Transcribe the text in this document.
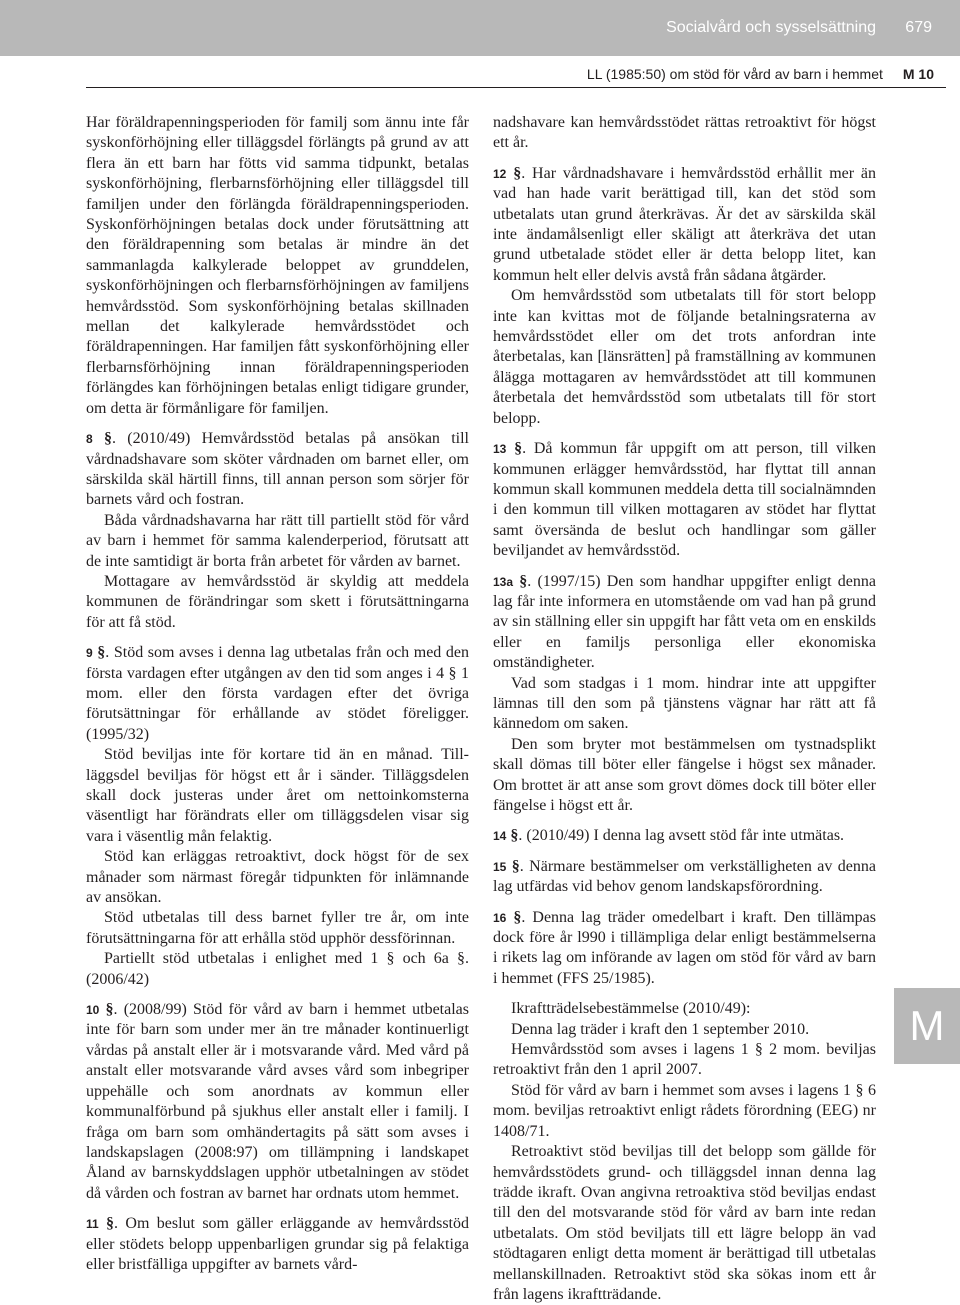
Socialvård och sysselsättning 679
LL (1985:50) om stöd för vård av barn i hemmet M 10

Har föräldrapenningsperioden för familj som ännu inte får syskonförhöjning eller tilläggsdel förlängts på grund av att flera än ett barn har fötts vid samma tidpunkt, betalas syskonförhöjning, flerbarnsförhöjning eller tilläggsdel till familjen under den förlängda föräldrapenningsperioden. Syskonförhöjningen betalas dock under förutsättning att den föräldrapenning som betalas är mindre än det sammanlagda kalkylerade beloppet av grunddelen, syskonförhöjningen och flerbarnsförhöjningen av familjens hemvårdsstöd. Som syskonförhöjning betalas skillnaden mellan det kalkylerade hemvårdsstödet och föräldrapenningen. Har familjen fått syskonförhöjning eller flerbarnsförhöjning innan föräldrapenningsperioden förlängdes kan förhöjningen betalas enligt tidigare grunder, om detta är förmånligare för familjen.

8 §. (2010/49) Hemvårdsstöd betalas på ansökan till vårdnadshavare som sköter vårdnaden om barnet eller, om särskilda skäl härtill finns, till annan person som sörjer för barnets vård och fostran.

Båda vårdnadshavarna har rätt till partiellt stöd för vård av barn i hemmet för samma kalenderperiod, förutsatt att de inte samtidigt är borta från arbetet för vården av barnet.

Mottagare av hemvårdsstöd är skyldig att meddela kommunen de förändringar som skett i förutsättningarna för att få stöd.

9 §. Stöd som avses i denna lag utbetalas från och med den första vardagen efter utgången av den tid som anges i 4 § 1 mom. eller den första vardagen efter det övriga förutsättningar för erhållande av stödet föreligger. (1995/32)

Stöd beviljas inte för kortare tid än en månad. Tillläggsdel beviljas för högst ett år i sänder. Tilläggsdelen skall dock justeras under året om nettoinkomsterna väsentligt har förändrats eller om tilläggsdelen visar sig vara i väsentlig mån felaktig.

Stöd kan erläggas retroaktivt, dock högst för de sex månader som närmast föregår tidpunkten för inlämnande av ansökan.

Stöd utbetalas till dess barnet fyller tre år, om inte förutsättningarna för att erhålla stöd upphör dessförinnan.

Partiellt stöd utbetalas i enlighet med 1 § och 6a §. (2006/42)

10 §. (2008/99) Stöd för vård av barn i hemmet utbetalas inte för barn som under mer än tre månader kontinuerligt vårdas på anstalt eller är i motsvarande vård. Med vård på anstalt eller motsvarande vård avses vård som inbegriper uppehälle och som anordnats av kommun eller kommunalförbund på sjukhus eller anstalt eller i familj. I fråga om barn som omhändertagits på sätt som avses i landskapslagen (2008:97) om tillämpning i landskapet Åland av barnskyddslagen upphör utbetalningen av stödet då vården och fostran av barnet har ordnats utom hemmet.

11 §. Om beslut som gäller erläggande av hemvårdsstöd eller stödets belopp uppenbarligen grundar sig på felaktiga eller bristfälliga uppgifter av barnets vård-

nadshavare kan hemvårdsstödet rättas retroaktivt för högst ett år.

12 §. Har vårdnadshavare i hemvårdsstöd erhållit mer än vad han hade varit berättigad till, kan det stöd som utbetalats utan grund återkrävas. Är det av särskilda skäl inte ändamålsenligt eller skäligt att återkräva det utan grund utbetalade stödet eller är detta belopp litet, kan kommun helt eller delvis avstå från sådana åtgärder.

Om hemvårdsstöd som utbetalats till för stort belopp inte kan kvittas mot de följande betalningsraterna av hemvårdsstödet eller om det trots anfordran inte återbetalas, kan [länsrätten] på framställning av kommunen ålägga mottagaren av hemvårdsstödet att till kommunen återbetala det hemvårdsstöd som utbetalats till för stort belopp.

13 §. Då kommun får uppgift om att person, till vilken kommunen erlägger hemvårdsstöd, har flyttat till annan kommun skall kommunen meddela detta till socialnämnden i den kommun till vilken mottagaren av stödet har flyttat samt översända de beslut och handlingar som gäller beviljandet av hemvårdsstöd.

13a §. (1997/15) Den som handhar uppgifter enligt denna lag får inte informera en utomstående om vad han på grund av sin ställning eller sin uppgift har fått veta om en enskilds eller en familjs personliga eller ekonomiska omständigheter.

Vad som stadgas i 1 mom. hindrar inte att uppgifter lämnas till den som på tjänstens vägnar har rätt att få kännedom om saken.

Den som bryter mot bestämmelsen om tystnadsplikt skall dömas till böter eller fängelse i högst sex månader. Om brottet är att anse som grovt dömes dock till böter eller fängelse i högst ett år.

14 §. (2010/49) I denna lag avsett stöd får inte utmätas.

15 §. Närmare bestämmelser om verkställigheten av denna lag utfärdas vid behov genom landskapsförordning.

16 §. Denna lag träder omedelbart i kraft. Den tillämpas dock före år l990 i tillämpliga delar enligt bestämmelserna i rikets lag om införande av lagen om stöd för vård av barn i hemmet (FFS 25/1985).

Ikraftträdelsebestämmelse (2010/49):

Denna lag träder i kraft den 1 september 2010.

Hemvårdsstöd som avses i lagens 1 § 2 mom. beviljas retroaktivt från den 1 april 2007.

Stöd för vård av barn i hemmet som avses i lagens 1 § 6 mom. beviljas retroaktivt enligt rådets förordning (EEG) nr 1408/71.

Retroaktivt stöd beviljas till det belopp som gällde för hemvårdsstödets grund- och tilläggsdel innan denna lag trädde ikraft. Ovan angivna retroaktiva stöd beviljas endast till den del motsvarande stöd för vård av barn inte redan utbetalats. Om stöd beviljats till ett lägre belopp än vad stödtagaren enligt detta moment är berättigad till utbetalas mellanskillnaden. Retroaktivt stöd ska sökas inom ett år från lagens ikraftträdande.

M
